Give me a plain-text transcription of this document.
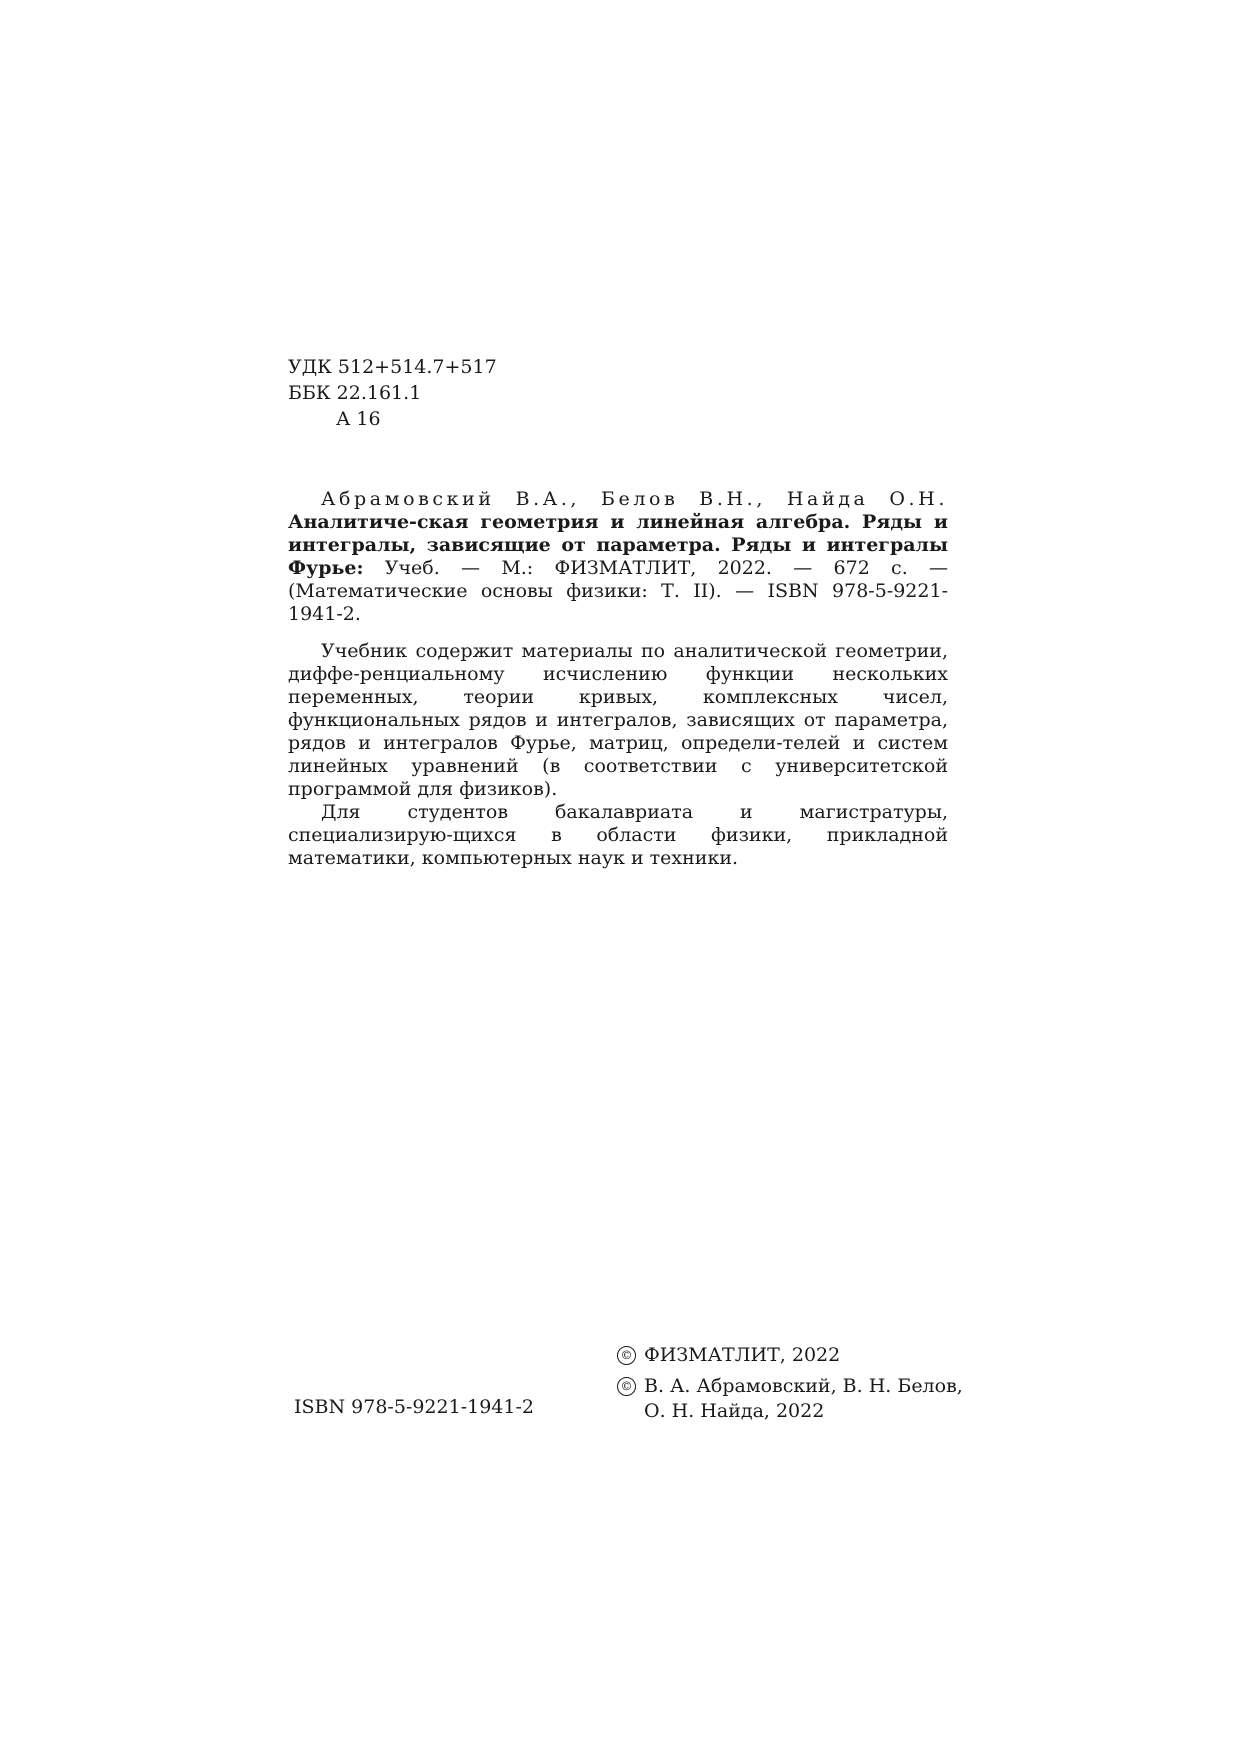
УДК 512+514.7+517
ББК 22.161.1
А 16

Абрамовский В.А., Белов В.Н., Найда О.Н. Аналитиче-ская геометрия и линейная алгебра. Ряды и интегралы, зависящие от параметра. Ряды и интегралы Фурье: Учеб. — М.: ФИЗМАТЛИТ, 2022. — 672 с. — (Математические основы физики: Т. II). — ISBN 978-5-9221-1941-2.

Учебник содержит материалы по аналитической геометрии, диффе-ренциальному исчислению функции нескольких переменных, теории кривых, комплексных чисел, функциональных рядов и интегралов, зависящих от параметра, рядов и интегралов Фурье, матриц, определи-телей и систем линейных уравнений (в соответствии с университетской программой для физиков).

Для студентов бакалавриата и магистратуры, специализирую-щихся в области физики, прикладной математики, компьютерных наук и техники.

ISBN 978-5-9221-1941-2
© ФИЗМАТЛИТ, 2022
© В. А. Абрамовский, В. Н. Белов,
О. Н. Найда, 2022
